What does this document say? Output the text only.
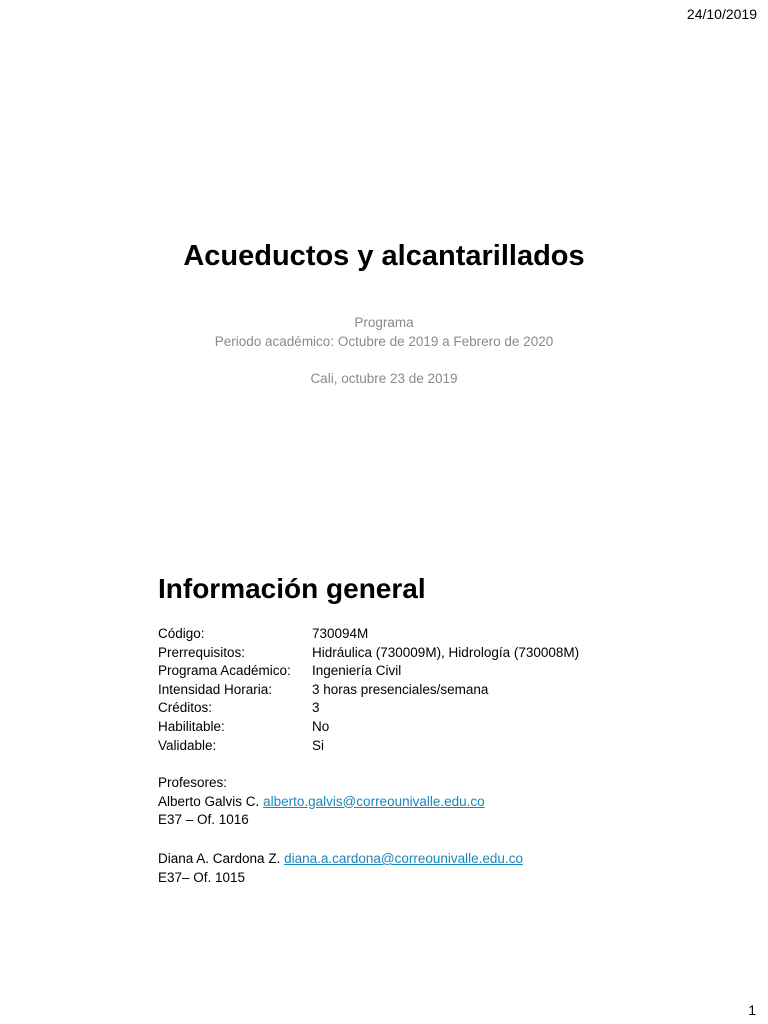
24/10/2019
Acueductos y alcantarillados
Programa
Periodo académico: Octubre de 2019 a Febrero de 2020
Cali, octubre 23 de 2019
Información general
Código:	730094M
Prerrequisitos:	Hidráulica (730009M), Hidrología (730008M)
Programa Académico: Ingeniería Civil
Intensidad Horaria:	3 horas presenciales/semana
Créditos:	3
Habilitable:	No
Validable:	Si
Profesores:
Alberto Galvis C. alberto.galvis@correounivalle.edu.co
E37 – Of. 1016
Diana A. Cardona Z. diana.a.cardona@correounivalle.edu.co
E37– Of. 1015
1
